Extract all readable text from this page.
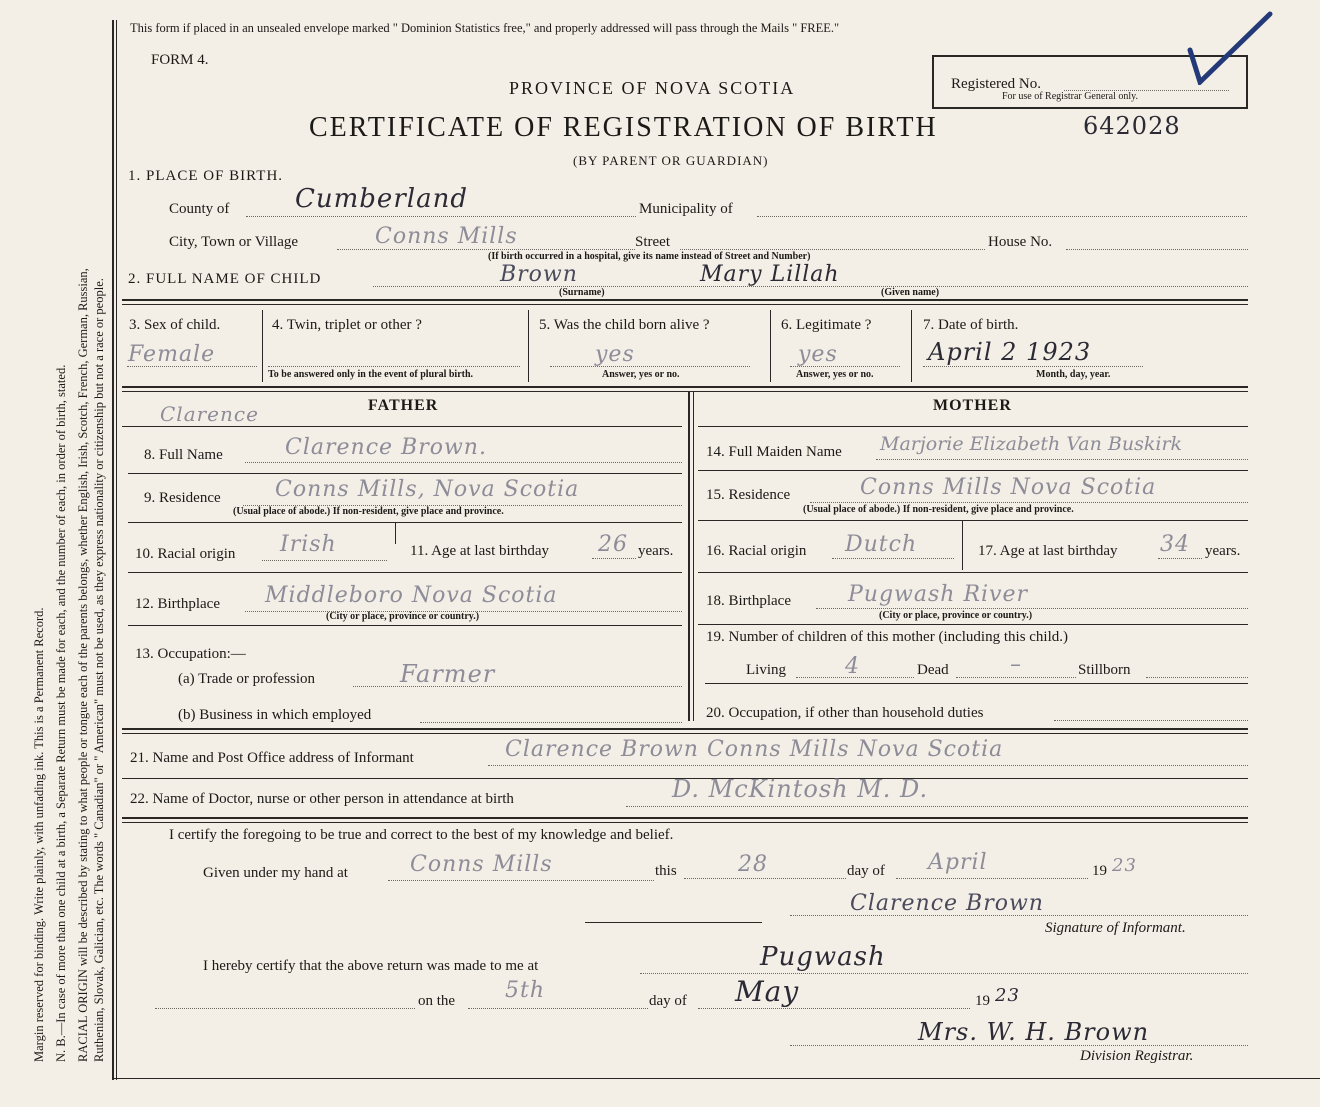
Margin reserved for binding. Write plainly, with unfading ink. This is a Permanent Record. N. B.—In case of more than one child at a birth, a Separate Return must be made for each, and the number of each, in order of birth, stated. RACIAL ORIGIN will be described by stating to what people or tongue each of the parents belongs, whether English, Irish, Scotch, French, German, Russian, Ruthenian, Slovak, Galician, etc. The words " Canadian" or " American" must not be used, as they express nationality or citizenship but not a race or people.
This form if placed in an unsealed envelope marked " Dominion Statistics free," and properly addressed will pass through the Mails " FREE."
FORM 4.
PROVINCE OF NOVA SCOTIA
CERTIFICATE OF REGISTRATION OF BIRTH	642028
(BY PARENT OR GUARDIAN)
Registered No.
For use of Registrar General only.
1. PLACE OF BIRTH.
County of	Cumberland	Municipality of
City, Town or Village	Conns Mills	Street	House No.
(If birth occurred in a hospital, give its name instead of Street and Number)
2. FULL NAME OF CHILD	Brown	Mary Lillah
(Surname)	(Given name)
3. Sex of child.
Female
4. Twin, triplet or other ?
To be answered only in the event of plural birth.
5. Was the child born alive ?
yes
Answer, yes or no.
6. Legitimate ?
yes
Answer, yes or no.
7. Date of birth.
April 2 1923
Month, day, year.
Clarence	FATHER
8. Full Name	Clarence Brown.
9. Residence Conns Mills, Nova Scotia
(Usual place of abode.) If non-resident, give place and province.
10. Racial origin Irish	11. Age at last birthday 26 years.
12. Birthplace Middleboro Nova Scotia
(City or place, province or country.)
13. Occupation:—
(a) Trade or profession	Farmer
(b) Business in which employed
MOTHER
14. Full Maiden Name Marjorie Elizabeth Van Buskirk
15. Residence	Conns Mills Nova Scotia
(Usual place of abode.) If non-resident, give place and province.
16. Racial origin Dutch	17. Age at last birthday 34 years.
18. Birthplace	Pugwash River
(City or place, province or country.)
19. Number of children of this mother (including this child.)
Living	4	Dead	–	Stillborn
20. Occupation, if other than household duties
21. Name and Post Office address of Informant	Clarence Brown Conns Mills Nova Scotia
22. Name of Doctor, nurse or other person in attendance at birth	D. McKintosh M. D.
I certify the foregoing to be true and correct to the best of my knowledge and belief.
Given under my hand at	Conns Mills	this	28	day of April	19 23
Clarence Brown
Signature of Informant.
I hereby certify that the above return was made to me at	Pugwash
on the 5th	day of May	19 23
Mrs. W. H. Brown
Division Registrar.
